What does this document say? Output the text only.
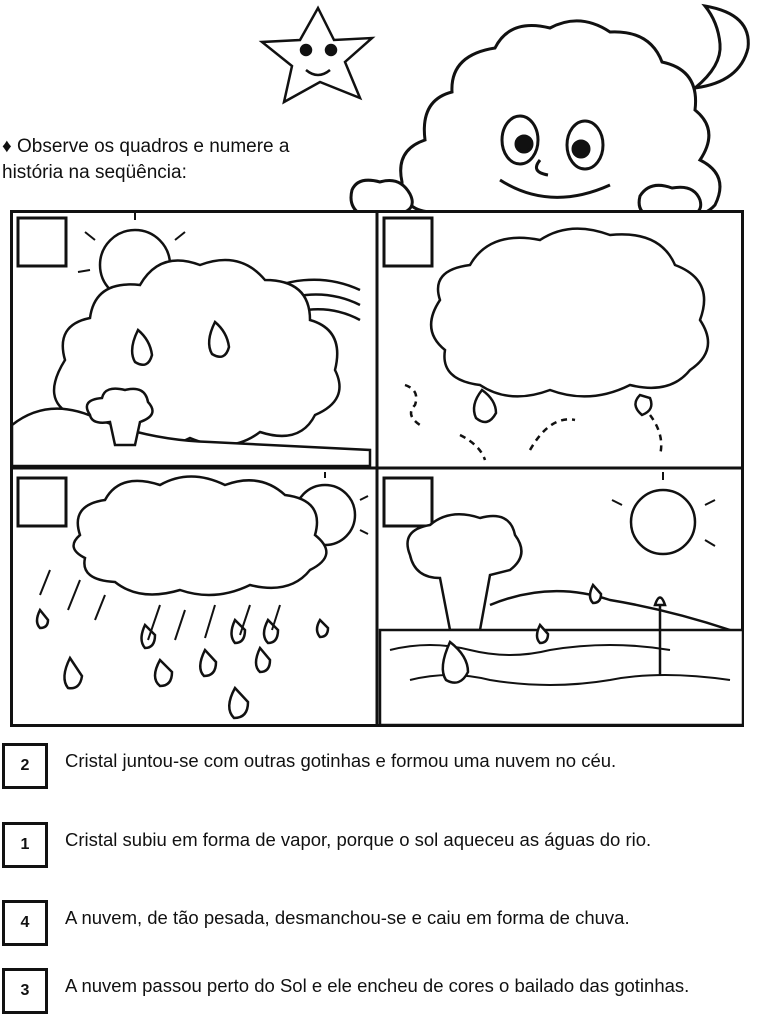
♦ Observe os quadros e numere a
história na seqüência:
2	Cristal juntou-se com outras gotinhas e formou uma nuvem no céu.
1	Cristal subiu em forma de vapor, porque o sol aqueceu as águas do rio.
4	A nuvem, de tão pesada, desmanchou-se e caiu em forma de chuva.
3	A nuvem passou perto do Sol e ele encheu de cores o bailado das gotinhas.
